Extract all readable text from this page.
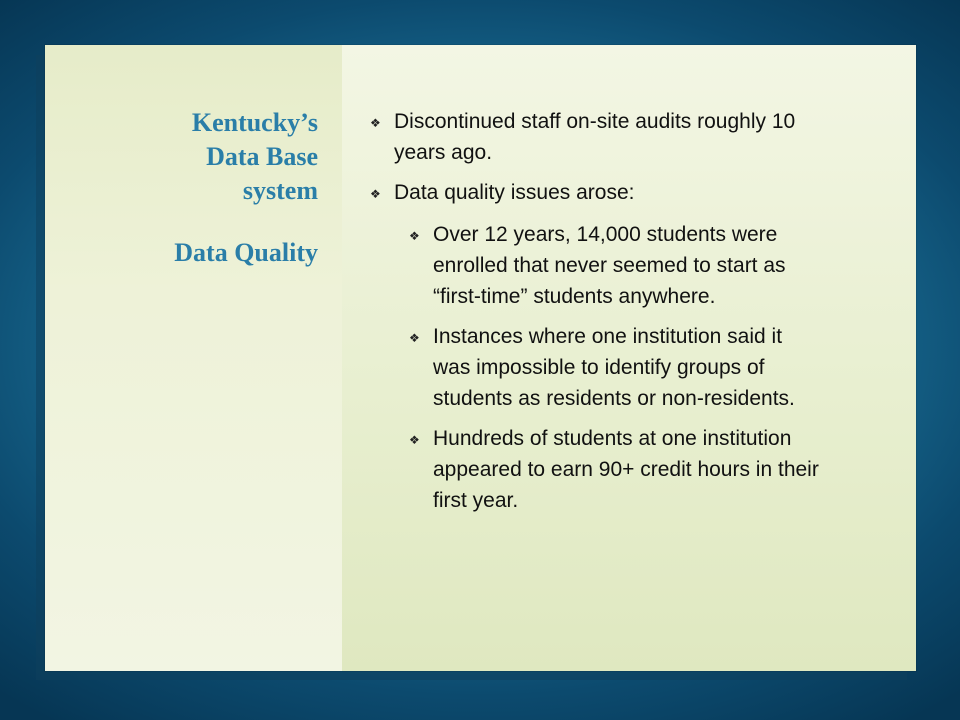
Kentucky’s
Data Base
system
Data Quality
❖ Discontinued staff on-site audits roughly 10 years ago.
❖ Data quality issues arose:
❖ Over 12 years, 14,000 students were enrolled that never seemed to start as “first-time” students anywhere.
❖ Instances where one institution said it was impossible to identify groups of students as residents or non-residents.
❖ Hundreds of students at one institution appeared to earn 90+ credit hours in their first year.
